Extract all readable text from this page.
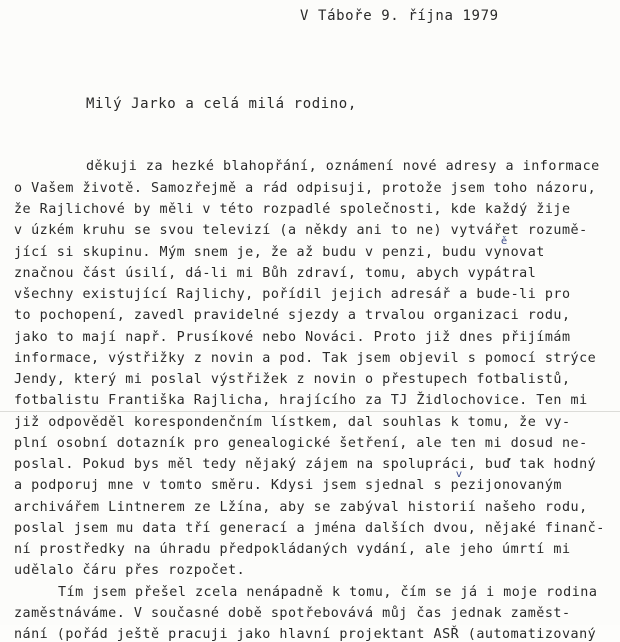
V Táboře 9. října 1979
Milý Jarko a celá milá rodino,
děkuji za hezké blahopřání, oznámení nové adresy a informace
o Vašem životě. Samozřejmě a rád odpisuji, protože jsem toho názoru,
že Rajlichové by měli v této rozpadlé společnosti, kde každý žije
v úzkém kruhu se svou televizí (a někdy ani to ne) vytvářet rozumě-
jící si skupinu. Mým snem je, že až budu v penzi, budu vynovat
značnou část úsilí, dá-li mi Bůh zdraví, tomu, abych vypátral
všechny existující Rajlichy, pořídil jejich adresář a bude-li pro
to pochopení, zavedl pravidelné sjezdy a trvalou organizaci rodu,
jako to mají např. Prusíkové nebo Nováci. Proto již dnes přijímám
informace, výstřižky z novin a pod. Tak jsem objevil s pomocí strýce
Jendy, který mi poslal výstřižek z novin o přestupech fotbalistů,
fotbalistu Františka Rajlicha, hrajícího za TJ Židlochovice. Ten mi
již odpověděl korespondenčním lístkem, dal souhlas k tomu, že vy-
plní osobní dotazník pro genealogické šetření, ale ten mi dosud ne-
poslal. Pokud bys měl tedy nějaký zájem na spolupráci, buď tak hodný
a podporuj mne v tomto směru. Kdysi jsem sjednal s pezijonovaným
archivářem Lintnerem ze Lžína, aby se zabýval historií našeho rodu,
poslal jsem mu data tří generací a jména dalších dvou, nějaké finanč-
ní prostředky na úhradu předpokládaných vydání, ale jeho úmrtí mi
udělalo čáru přes rozpočet.
Tím jsem přešel zcela nenápadně k tomu, čím se já i moje rodina
zaměstnáváme. V současné době spotřebovává můj čas jednak zaměst-
nání (pořád ještě pracuji jako hlavní projektant ASŘ (automatizovaný
ě
v
